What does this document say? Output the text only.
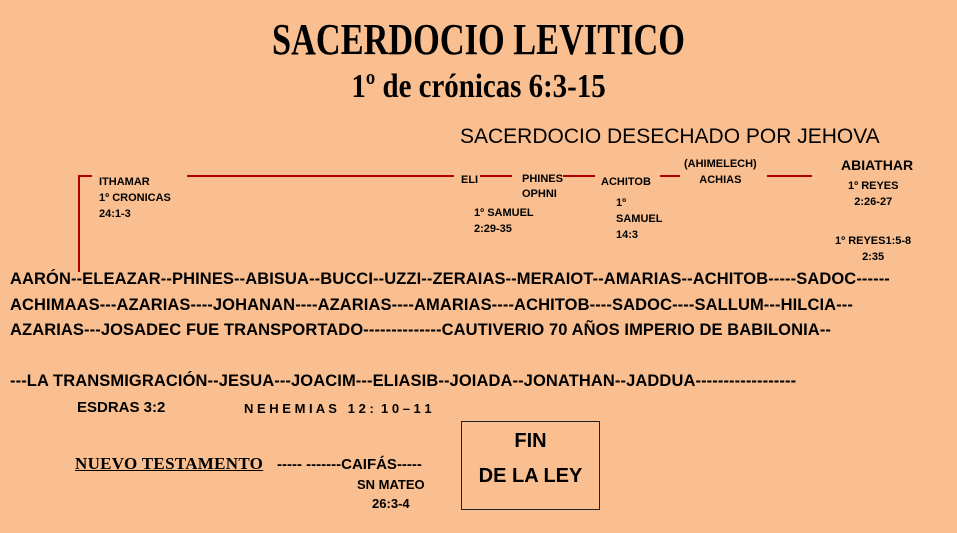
SACERDOCIO LEVITICO
1º de crónicas 6:3-15
SACERDOCIO DESECHADO POR JEHOVA
ITHAMAR
1º CRONICAS
24:1-3
ELI	PHINES
OPHNI
1º SAMUEL
2:29-35
ACHITOB
1º
SAMUEL
14:3
(AHIMELECH)
ACHIAS
ABIATHAR
1º REYES
2:26-27
1º REYES1:5-8
2:35
AARÓN--ELEAZAR--PHINES--ABISUA--BUCCI--UZZI--ZERAIAS--MERAIOT--AMARIAS--ACHITOB-----SADOC------
ACHIMAAS---AZARIAS----JOHANAN----AZARIAS----AMARIAS----ACHITOB----SADOC----SALLUM---HILCIA---
AZARIAS---JOSADEC FUE TRANSPORTADO--------------CAUTIVERIO 70 AÑOS IMPERIO DE BABILONIA--
---LA TRANSMIGRACIÓN--JESUA---JOACIM---ELIASIB--JOIADA--JONATHAN--JADDUA------------------
ESDRAS 3:2	N E H E M I A S   1 2 :  1 0 – 1 1
NUEVO TESTAMENTO ----- -------CAIFÁS-----
SN MATEO
26:3-4
FIN
DE LA LEY
